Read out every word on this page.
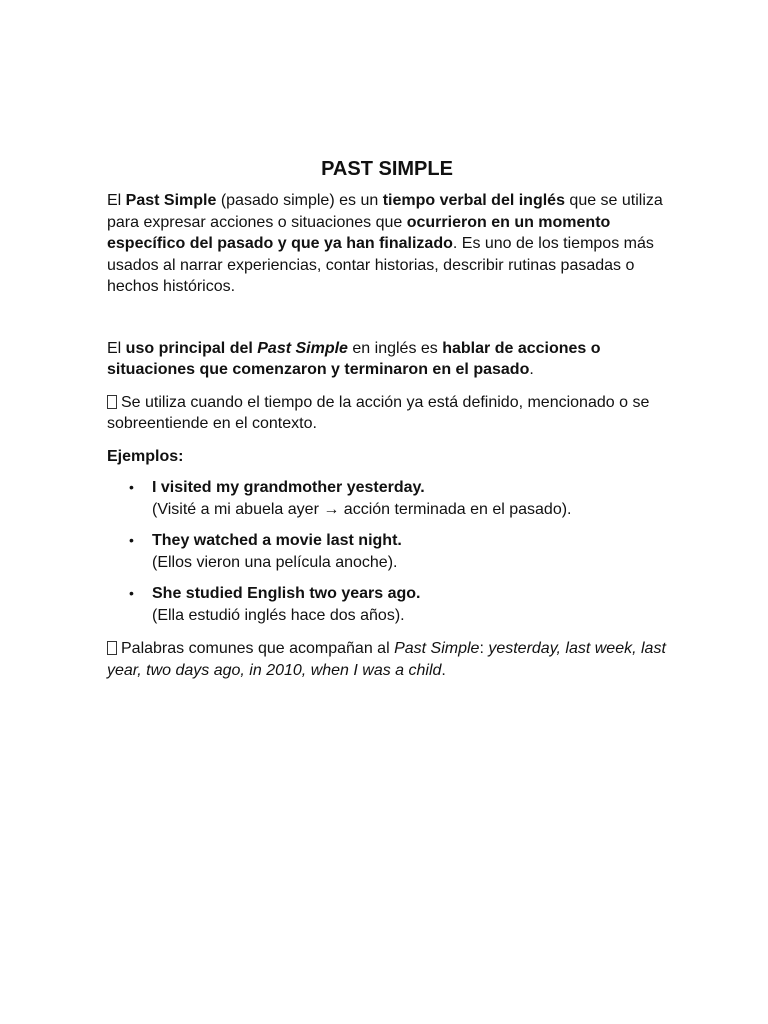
PAST SIMPLE

El Past Simple (pasado simple) es un tiempo verbal del inglés que se utiliza para expresar acciones o situaciones que ocurrieron en un momento específico del pasado y que ya han finalizado. Es uno de los tiempos más usados al narrar experiencias, contar historias, describir rutinas pasadas o hechos históricos.

El uso principal del Past Simple en inglés es hablar de acciones o situaciones que comenzaron y terminaron en el pasado.

Se utiliza cuando el tiempo de la acción ya está definido, mencionado o se sobreentiende en el contexto.

Ejemplos:

• I visited my grandmother yesterday.
(Visité a mi abuela ayer → acción terminada en el pasado).
• They watched a movie last night.
(Ellos vieron una película anoche).
• She studied English two years ago.
(Ella estudió inglés hace dos años).

Palabras comunes que acompañan al Past Simple: yesterday, last week, last year, two days ago, in 2010, when I was a child.
